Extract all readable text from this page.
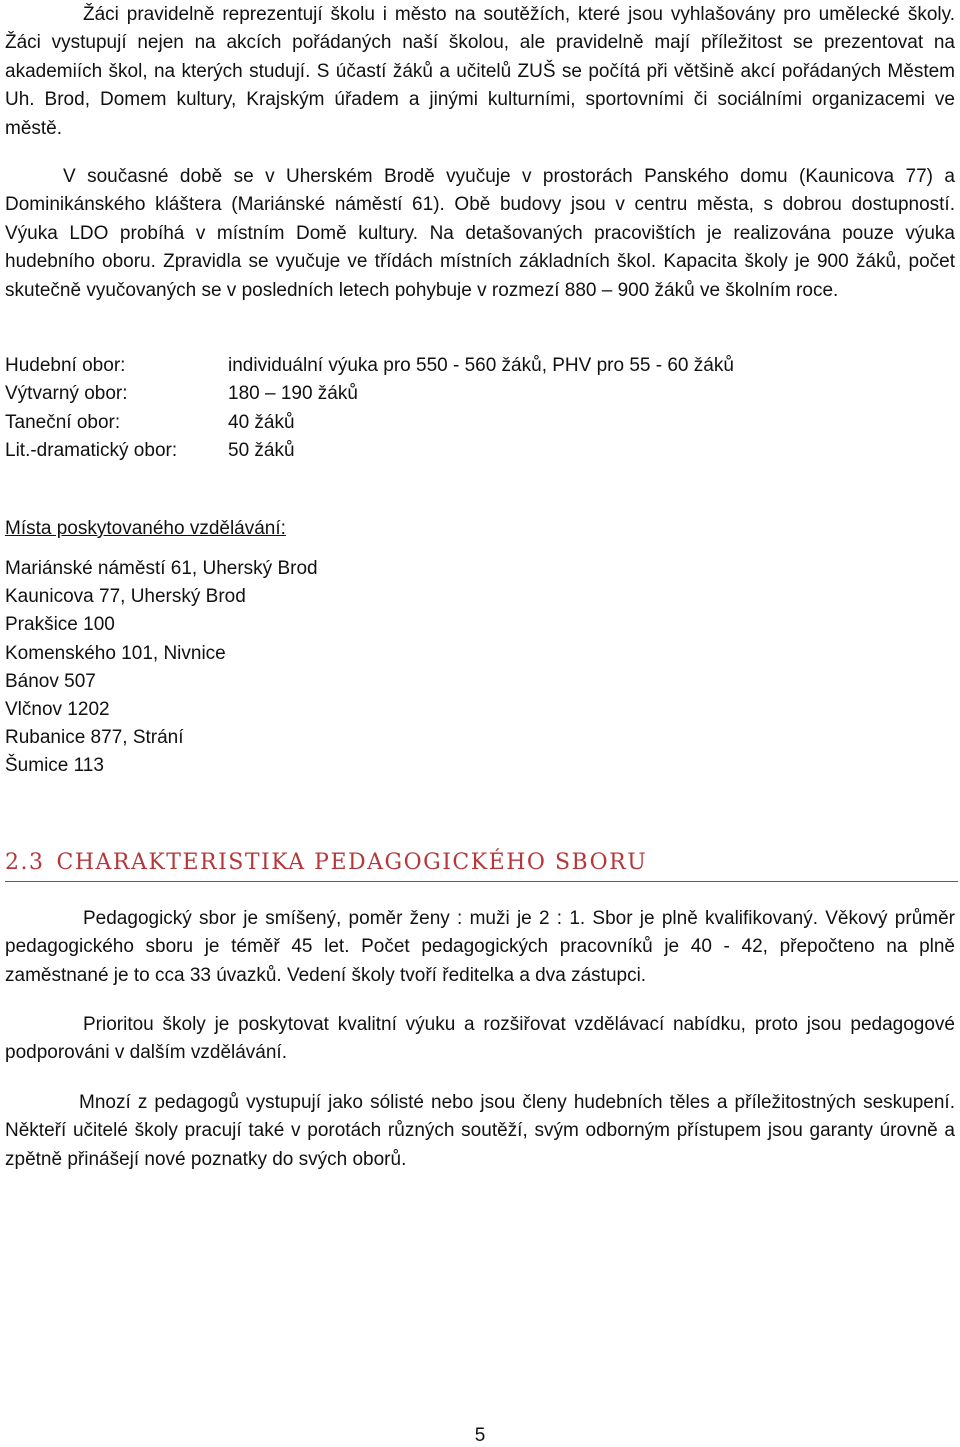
Žáci pravidelně reprezentují školu i město na soutěžích, které jsou vyhlašovány pro umělecké školy. Žáci vystupují nejen na akcích pořádaných naší školou, ale pravidelně mají příležitost se prezentovat na akademiích škol, na kterých studují. S účastí žáků a učitelů ZUŠ se počítá při většině akcí pořádaných Městem Uh. Brod, Domem kultury, Krajským úřadem a jinými kulturními, sportovními či sociálními organizacemi ve městě.

V současné době se v Uherském Brodě vyučuje v prostorách Panského domu (Kaunicova 77) a Dominikánského kláštera (Mariánské náměstí 61). Obě budovy jsou v centru města, s dobrou dostupností. Výuka LDO probíhá v místním Domě kultury. Na detašovaných pracovištích je realizována pouze výuka hudebního oboru. Zpravidla se vyučuje ve třídách místních základních škol. Kapacita školy je 900 žáků, počet skutečně vyučovaných se v posledních letech pohybuje v rozmezí 880 – 900 žáků ve školním roce.

Hudební obor:	individuální výuka pro 550 - 560 žáků, PHV pro 55 - 60 žáků
Výtvarný obor:	180 – 190 žáků
Taneční obor:	40 žáků
Lit.-dramatický obor:	50 žáků
Místa poskytovaného vzdělávání:
Mariánské náměstí 61, Uherský Brod
Kaunicova 77, Uherský Brod
Prakšice 100
Komenského 101, Nivnice
Bánov 507
Vlčnov 1202
Rubanice 877, Strání
Šumice 113
2.3 CHARAKTERISTIKA PEDAGOGICKÉHO SBORU

Pedagogický sbor je smíšený, poměr ženy : muži je 2 : 1. Sbor je plně kvalifikovaný. Věkový průměr pedagogického sboru je téměř 45 let. Počet pedagogických pracovníků je 40 - 42, přepočteno na plně zaměstnané je to cca 33 úvazků. Vedení školy tvoří ředitelka a dva zástupci.

Prioritou školy je poskytovat kvalitní výuku a rozšiřovat vzdělávací nabídku, proto jsou pedagogové podporováni v dalším vzdělávání.

Mnozí z pedagogů vystupují jako sólisté nebo jsou členy hudebních těles a příležitostných seskupení. Někteří učitelé školy pracují také v porotách různých soutěží, svým odborným přístupem jsou garanty úrovně a zpětně přinášejí nové poznatky do svých oborů.

5
